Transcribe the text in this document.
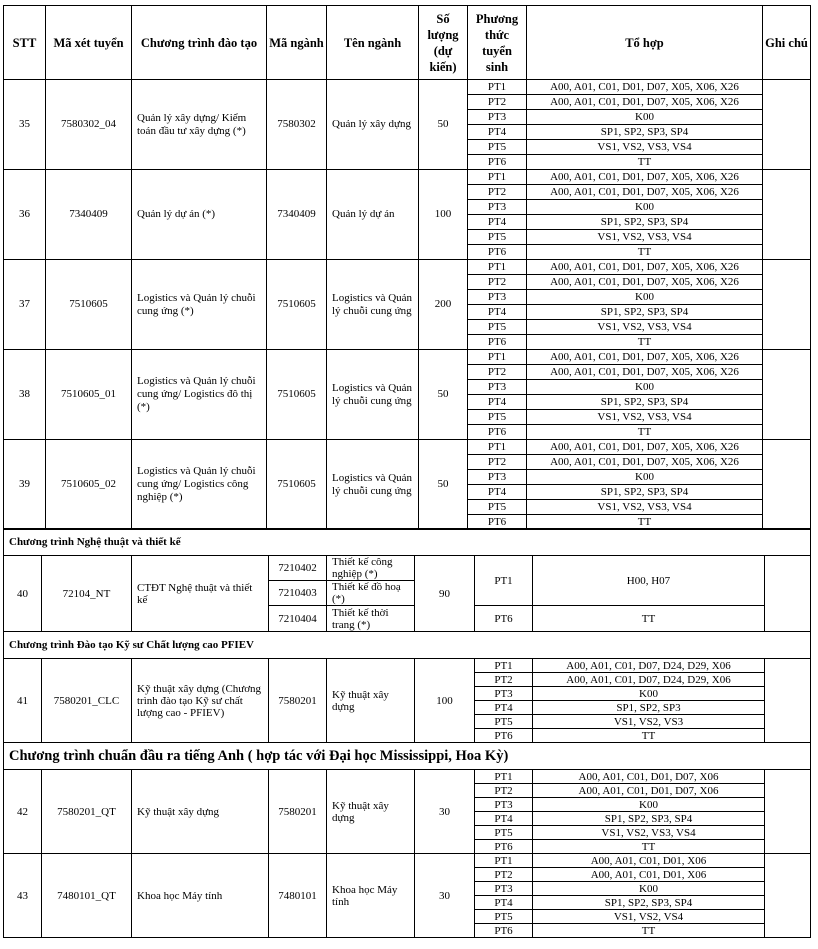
STT	Mã xét tuyển	Chương trình đào tạo	Mã ngành	Tên ngành	Số lượng (dự kiến)	Phương thức tuyển sinh	Tổ hợp	Ghi chú
35	7580302_04	Quản lý xây dựng/ Kiểm toán đầu tư xây dựng (*)	7580302	Quản lý xây dựng	50	PT1	A00, A01, C01, D01, D07, X05, X06, X26	
						PT2	A00, A01, C01, D01, D07, X05, X06, X26	
						PT3	K00	
						PT4	SP1, SP2, SP3, SP4	
						PT5	VS1, VS2, VS3, VS4	
						PT6	TT	
36	7340409	Quản lý dự án (*)	7340409	Quản lý dự án	100	PT1	A00, A01, C01, D01, D07, X05, X06, X26	
						PT2	A00, A01, C01, D01, D07, X05, X06, X26	
						PT3	K00	
						PT4	SP1, SP2, SP3, SP4	
						PT5	VS1, VS2, VS3, VS4	
						PT6	TT	
37	7510605	Logistics và Quản lý chuỗi cung ứng (*)	7510605	Logistics và Quản lý chuỗi cung ứng	200	PT1	A00, A01, C01, D01, D07, X05, X06, X26	
						PT2	A00, A01, C01, D01, D07, X05, X06, X26	
						PT3	K00	
						PT4	SP1, SP2, SP3, SP4	
						PT5	VS1, VS2, VS3, VS4	
						PT6	TT	
38	7510605_01	Logistics và Quản lý chuỗi cung ứng/ Logistics đô thị (*)	7510605	Logistics và Quản lý chuỗi cung ứng	50	PT1	A00, A01, C01, D01, D07, X05, X06, X26	
						PT2	A00, A01, C01, D01, D07, X05, X06, X26	
						PT3	K00	
						PT4	SP1, SP2, SP3, SP4	
						PT5	VS1, VS2, VS3, VS4	
						PT6	TT	
39	7510605_02	Logistics và Quản lý chuỗi cung ứng/ Logistics công nghiệp (*)	7510605	Logistics và Quản lý chuỗi cung ứng	50	PT1	A00, A01, C01, D01, D07, X05, X06, X26	
						PT2	A00, A01, C01, D01, D07, X05, X06, X26	
						PT3	K00	
						PT4	SP1, SP2, SP3, SP4	
						PT5	VS1, VS2, VS3, VS4	
						PT6	TT	
Chương trình Nghệ thuật và thiết kế								
40	72104_NT	CTĐT Nghệ thuật và thiết kế	7210402	Thiết kế công nghiệp (*)	90	PT1	H00, H07	
			7210403	Thiết kế đồ hoạ (*)				
			7210404	Thiết kế thời trang (*)		PT6	TT	
Chương trình Đào tạo Kỹ sư Chất lượng cao PFIEV								
41	7580201_CLC	Kỹ thuật xây dựng (Chương trình đào tạo Kỹ sư chất lượng cao - PFIEV)	7580201	Kỹ thuật xây dựng	100	PT1	A00, A01, C01, D07, D24, D29, X06	
						PT2	A00, A01, C01, D07, D24, D29, X06	
						PT3	K00	
						PT4	SP1, SP2, SP3	
						PT5	VS1, VS2, VS3	
						PT6	TT	
Chương trình chuẩn đầu ra tiếng Anh ( hợp tác với Đại học Mississippi, Hoa Kỳ)								
42	7580201_QT	Kỹ thuật xây dựng	7580201	Kỹ thuật xây dựng	30	PT1	A00, A01, C01, D01, D07, X06	
						PT2	A00, A01, C01, D01, D07, X06	
						PT3	K00	
						PT4	SP1, SP2, SP3, SP4	
						PT5	VS1, VS2, VS3, VS4	
						PT6	TT	
43	7480101_QT	Khoa học Máy tính	7480101	Khoa học Máy tính	30	PT1	A00, A01, C01, D01, X06	
						PT2	A00, A01, C01, D01, X06	
						PT3	K00	
						PT4	SP1, SP2, SP3, SP4	
						PT5	VS1, VS2, VS4	
						PT6	TT	
